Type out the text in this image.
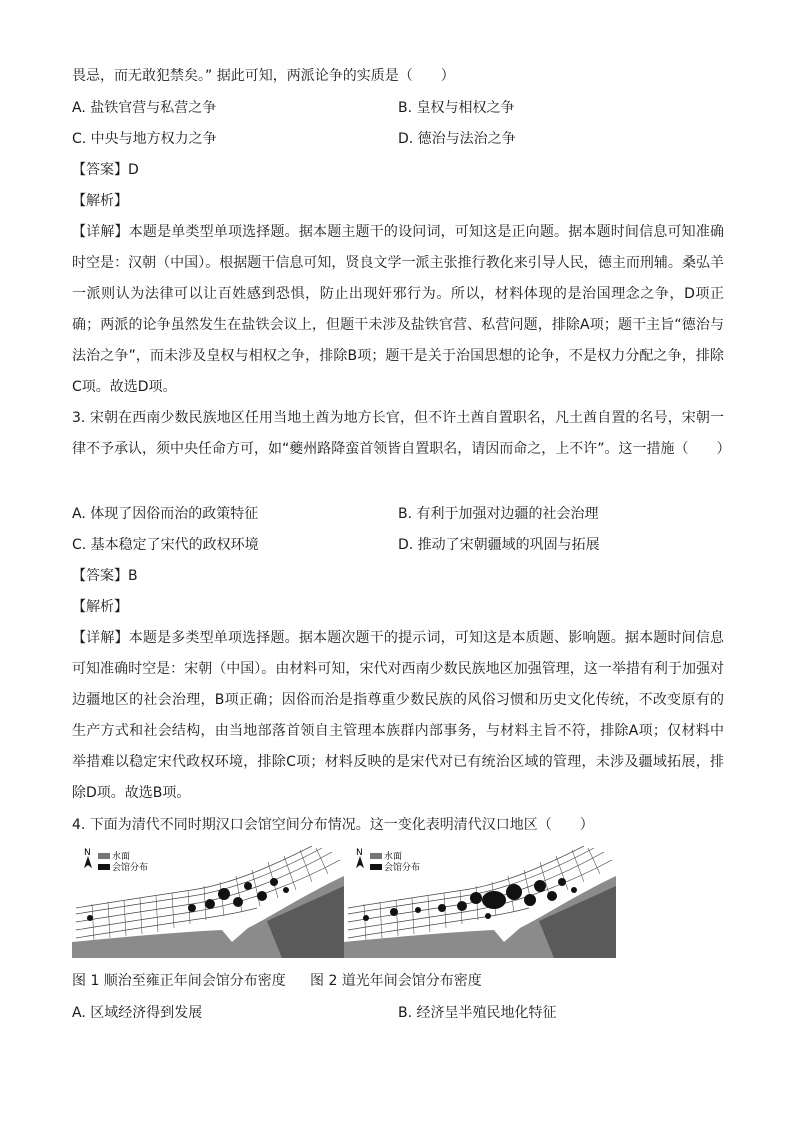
畏忌，而无敢犯禁矣。” 据此可知，两派论争的实质是（　　）
A. 盐铁官营与私营之争	B. 皇权与相权之争
C. 中央与地方权力之争	D. 德治与法治之争
【答案】D
【解析】
【详解】本题是单类型单项选择题。据本题主题干的设问词，可知这是正向题。据本题时间信息可知准确时空是：汉朝（中国）。根据题干信息可知，贤良文学一派主张推行教化来引导人民，德主而刑辅。桑弘羊一派则认为法律可以让百姓感到恐惧，防止出现奸邪行为。所以，材料体现的是治国理念之争，D项正确；两派的论争虽然发生在盐铁会议上，但题干未涉及盐铁官营、私营问题，排除A项；题干主旨“德治与法治之争”，而未涉及皇权与相权之争，排除B项；题干是关于治国思想的论争，不是权力分配之争，排除C项。故选D项。
3. 宋朝在西南少数民族地区任用当地土酋为地方长官，但不许土酋自置职名，凡土酋自置的名号，宋朝一律不予承认，须中央任命方可，如“夔州路降蛮首领皆自置职名，请因而命之，上不许”。这一措施（　　）
A. 体现了因俗而治的政策特征	B. 有利于加强对边疆的社会治理
C. 基本稳定了宋代的政权环境	D. 推动了宋朝疆域的巩固与拓展
【答案】B
【解析】
【详解】本题是多类型单项选择题。据本题次题干的提示词，可知这是本质题、影响题。据本题时间信息可知准确时空是：宋朝（中国）。由材料可知，宋代对西南少数民族地区加强管理，这一举措有利于加强对边疆地区的社会治理，B项正确；因俗而治是指尊重少数民族的风俗习惯和历史文化传统，不改变原有的生产方式和社会结构，由当地部落首领自主管理本族群内部事务，与材料主旨不符，排除A项；仅材料中举措难以稳定宋代政权环境，排除C项；材料反映的是宋代对已有统治区域的管理，未涉及疆域拓展，排除D项。故选B项。
4. 下面为清代不同时期汉口会馆空间分布情况。这一变化表明清代汉口地区（　　）
N 水面
会馆分布
N 水面
会馆分布
图 1 顺治至雍正年间会馆分布密度 图 2 道光年间会馆分布密度
A. 区域经济得到发展	B. 经济呈半殖民地化特征
